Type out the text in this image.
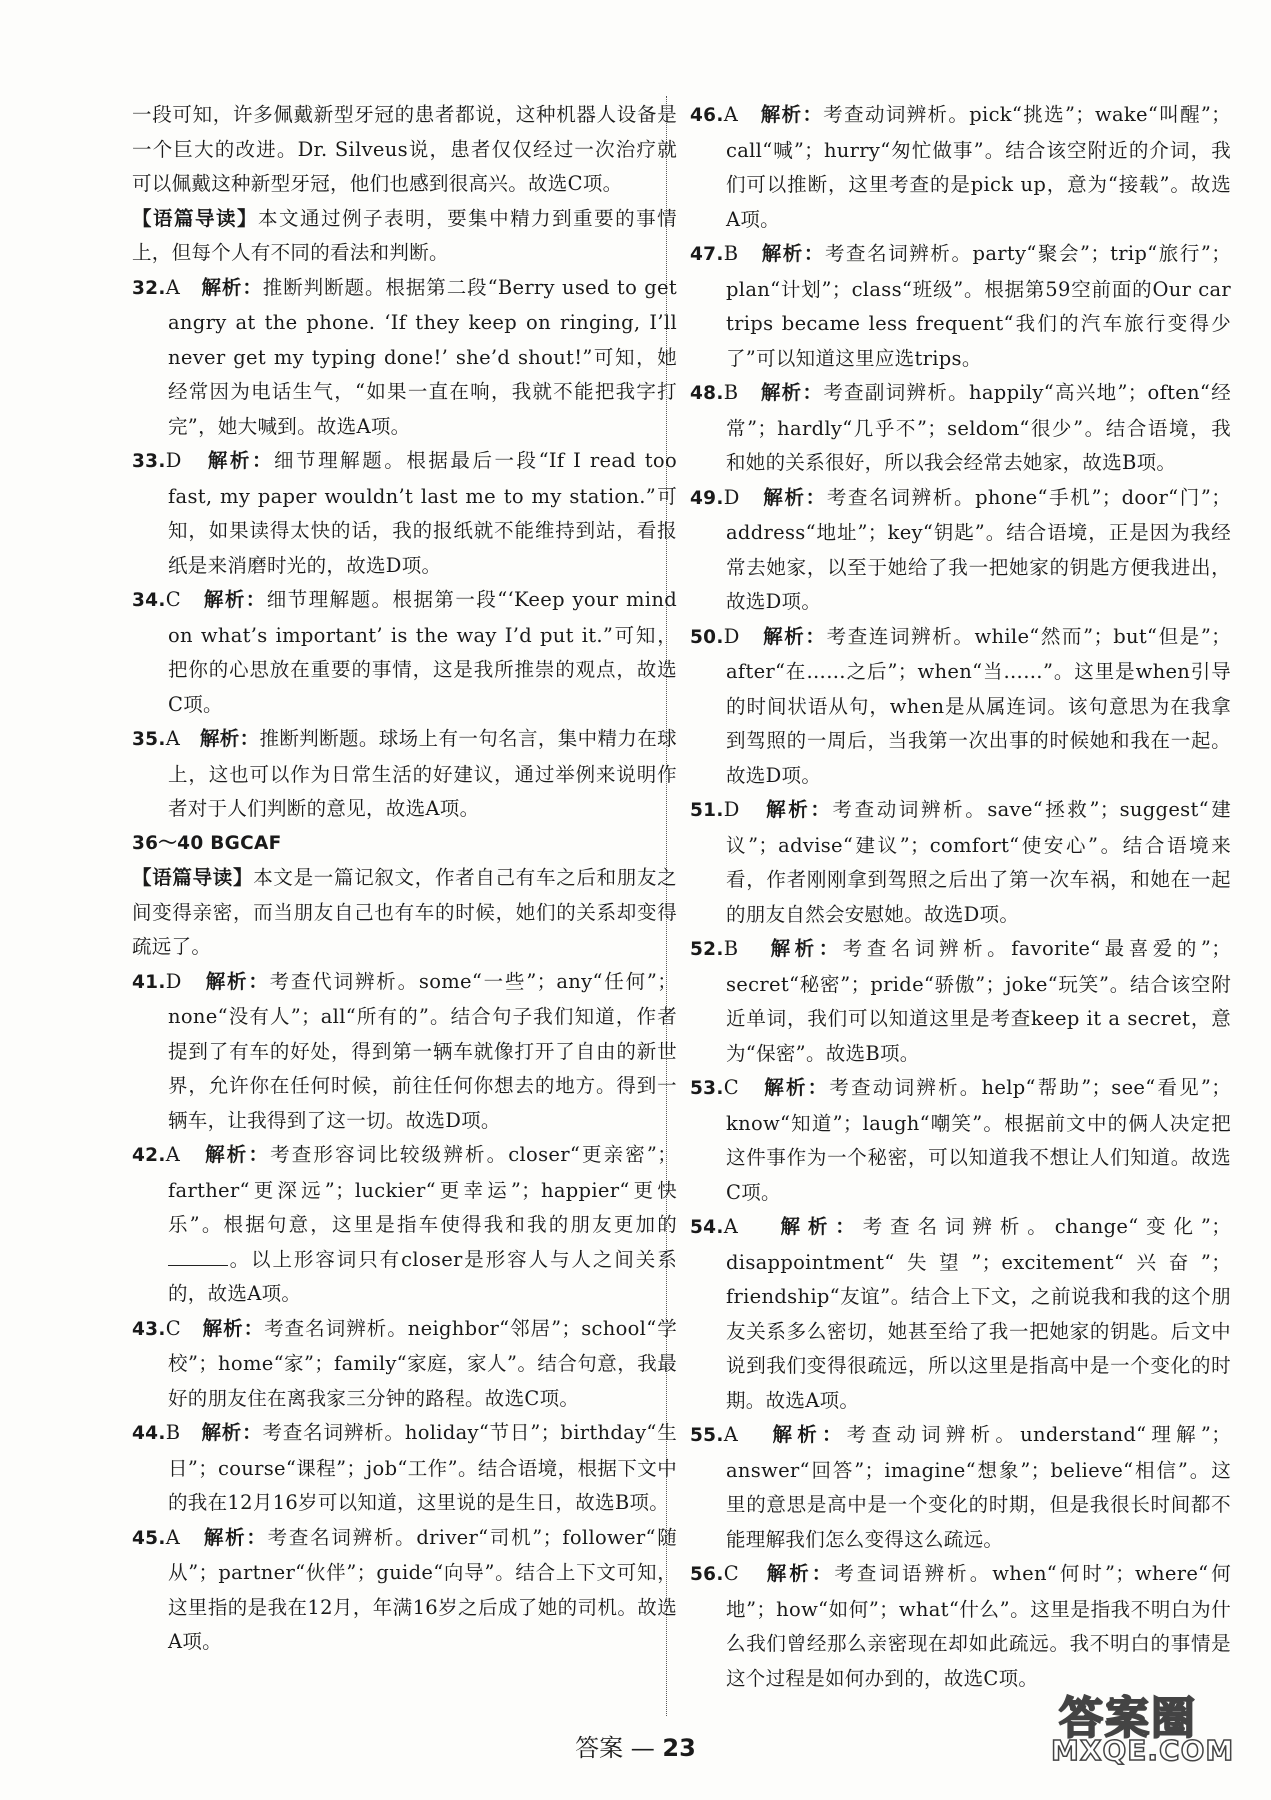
一段可知，许多佩戴新型牙冠的患者都说，这种机器人设备是一个巨大的改进。Dr. Silveus说，患者仅仅经过一次治疗就可以佩戴这种新型牙冠，他们也感到很高兴。故选C项。

【语篇导读】本文通过例子表明，要集中精力到重要的事情上，但每个人有不同的看法和判断。

32.A 解析：推断判断题。根据第二段“Berry used to get angry at the phone. ‘If they keep on ringing, I’ll never get my typing done!’ she’d shout!”可知，她经常因为电话生气，“如果一直在响，我就不能把我字打完”，她大喊到。故选A项。

33.D 解析：细节理解题。根据最后一段“If I read too fast, my paper wouldn’t last me to my station.”可知，如果读得太快的话，我的报纸就不能维持到站，看报纸是来消磨时光的，故选D项。

34.C 解析：细节理解题。根据第一段“‘Keep your mind on what’s important’ is the way I’d put it.”可知，把你的心思放在重要的事情，这是我所推崇的观点，故选C项。

35.A 解析：推断判断题。球场上有一句名言，集中精力在球上，这也可以作为日常生活的好建议，通过举例来说明作者对于人们判断的意见，故选A项。

36～40 BGCAF

【语篇导读】本文是一篇记叙文，作者自己有车之后和朋友之间变得亲密，而当朋友自己也有车的时候，她们的关系却变得疏远了。

41.D 解析：考查代词辨析。some“一些”；any“任何”；none“没有人”；all“所有的”。结合句子我们知道，作者提到了有车的好处，得到第一辆车就像打开了自由的新世界，允许你在任何时候，前往任何你想去的地方。得到一辆车，让我得到了这一切。故选D项。

42.A 解析：考查形容词比较级辨析。closer“更亲密”；farther“更深远”；luckier“更幸运”；happier“更快乐”。根据句意，这里是指车使得我和我的朋友更加的。以上形容词只有closer是形容人与人之间关系的，故选A项。

43.C 解析：考查名词辨析。neighbor“邻居”；school“学校”；home“家”；family“家庭，家人”。结合句意，我最好的朋友住在离我家三分钟的路程。故选C项。

44.B 解析：考查名词辨析。holiday“节日”；birthday“生日”；course“课程”；job“工作”。结合语境，根据下文中的我在12月16岁可以知道，这里说的是生日，故选B项。

45.A 解析：考查名词辨析。driver“司机”；follower“随从”；partner“伙伴”；guide“向导”。结合上下文可知，这里指的是我在12月，年满16岁之后成了她的司机。故选A项。

46.A 解析：考查动词辨析。pick“挑选”；wake“叫醒”；call“喊”；hurry“匆忙做事”。结合该空附近的介词，我们可以推断，这里考查的是pick up，意为“接载”。故选A项。

47.B 解析：考查名词辨析。party“聚会”；trip“旅行”；plan“计划”；class“班级”。根据第59空前面的Our car trips became less frequent“我们的汽车旅行变得少了”可以知道这里应选trips。

48.B 解析：考查副词辨析。happily“高兴地”；often“经常”；hardly“几乎不”；seldom“很少”。结合语境，我和她的关系很好，所以我会经常去她家，故选B项。

49.D 解析：考查名词辨析。phone“手机”；door“门”；address“地址”；key“钥匙”。结合语境，正是因为我经常去她家，以至于她给了我一把她家的钥匙方便我进出，故选D项。

50.D 解析：考查连词辨析。while“然而”；but“但是”；after“在……之后”；when“当……”。这里是when引导的时间状语从句，when是从属连词。该句意思为在我拿到驾照的一周后，当我第一次出事的时候她和我在一起。故选D项。

51.D 解析：考查动词辨析。save“拯救”；suggest“建议”；advise“建议”；comfort“使安心”。结合语境来看，作者刚刚拿到驾照之后出了第一次车祸，和她在一起的朋友自然会安慰她。故选D项。

52.B 解析：考查名词辨析。favorite“最喜爱的”；secret“秘密”；pride“骄傲”；joke“玩笑”。结合该空附近单词，我们可以知道这里是考查keep it a secret，意为“保密”。故选B项。

53.C 解析：考查动词辨析。help“帮助”；see“看见”；know“知道”；laugh“嘲笑”。根据前文中的俩人决定把这件事作为一个秘密，可以知道我不想让人们知道。故选C项。

54.A 解析：考查名词辨析。change“变化”；disappointment“失望”；excitement“兴奋”；friendship“友谊”。结合上下文，之前说我和我的这个朋友关系多么密切，她甚至给了我一把她家的钥匙。后文中说到我们变得很疏远，所以这里是指高中是一个变化的时期。故选A项。

55.A 解析：考查动词辨析。understand“理解”；answer“回答”；imagine“想象”；believe“相信”。这里的意思是高中是一个变化的时期，但是我很长时间都不能理解我们怎么变得这么疏远。

56.C 解析：考查词语辨析。when“何时”；where“何地”；how“如何”；what“什么”。这里是指我不明白为什么我们曾经那么亲密现在却如此疏远。我不明白的事情是这个过程是如何办到的，故选C项。

答案 — 23
答案圈
MXQE.COM
